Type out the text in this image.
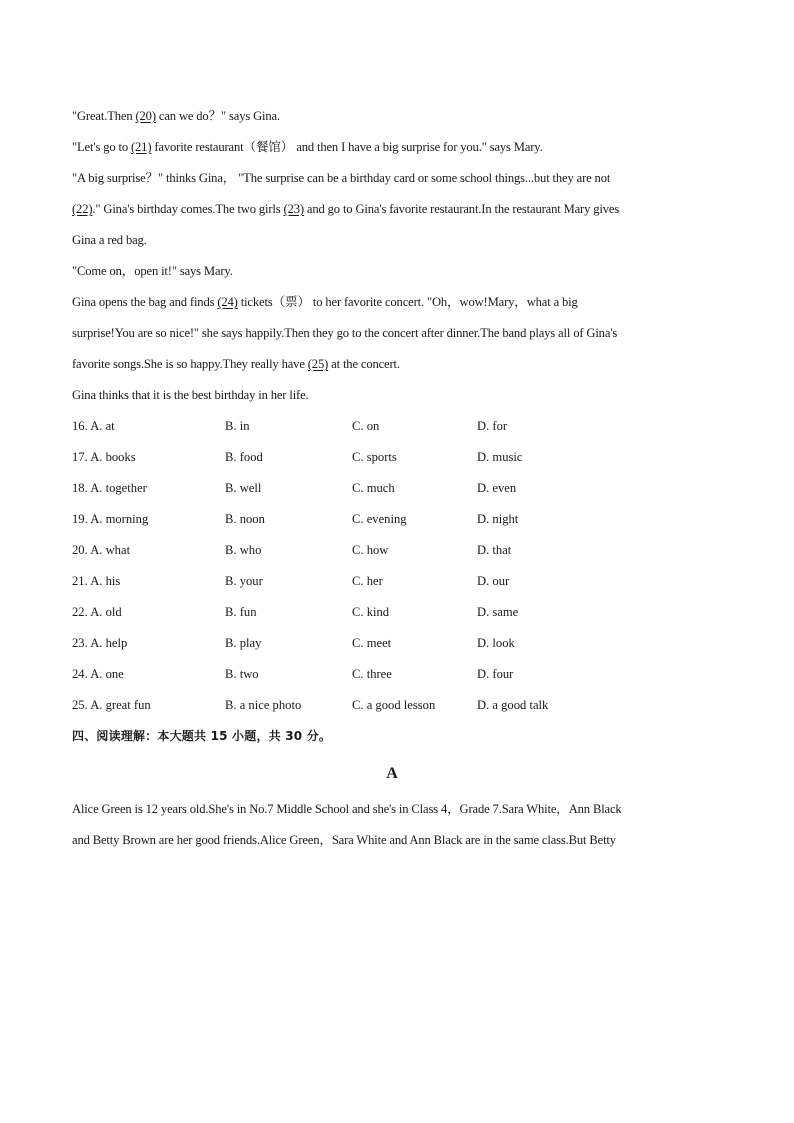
"Great.Then (20) can we do？" says Gina.
"Let's go to (21) favorite restaurant（餐馆） and then I have a big surprise for you." says Mary.
"A big surprise？" thinks Gina， "The surprise can be a birthday card or some school things...but they are not
(22)." Gina's birthday comes.The two girls (23) and go to Gina's favorite restaurant.In the restaurant Mary gives
Gina a red bag.
"Come on，open it!" says Mary.
Gina opens the bag and finds (24) tickets（票） to her favorite concert. "Oh，wow!Mary，what a big
surprise!You are so nice!" she says happily.Then they go to the concert after dinner.The band plays all of Gina's
favorite songs.She is so happy.They really have (25) at the concert.
Gina thinks that it is the best birthday in her life.
16. A. at	B. in	C. on	D. for
17. A. books	B. food	C. sports	D. music
18. A. together	B. well	C. much	D. even
19. A. morning	B. noon	C. evening	D. night
20. A. what	B. who	C. how	D. that
21. A. his	B. your	C. her	D. our
22. A. old	B. fun	C. kind	D. same
23. A. help	B. play	C. meet	D. look
24. A. one	B. two	C. three	D. four
25. A. great fun	B. a nice photo	C. a good lesson	D. a good talk
四、阅读理解：本大题共 15 小题，共 30 分。
A
Alice Green is 12 years old.She's in No.7 Middle School and she's in Class 4，Grade 7.Sara White，Ann Black
and Betty Brown are her good friends.Alice Green，Sara White and Ann Black are in the same class.But Betty
